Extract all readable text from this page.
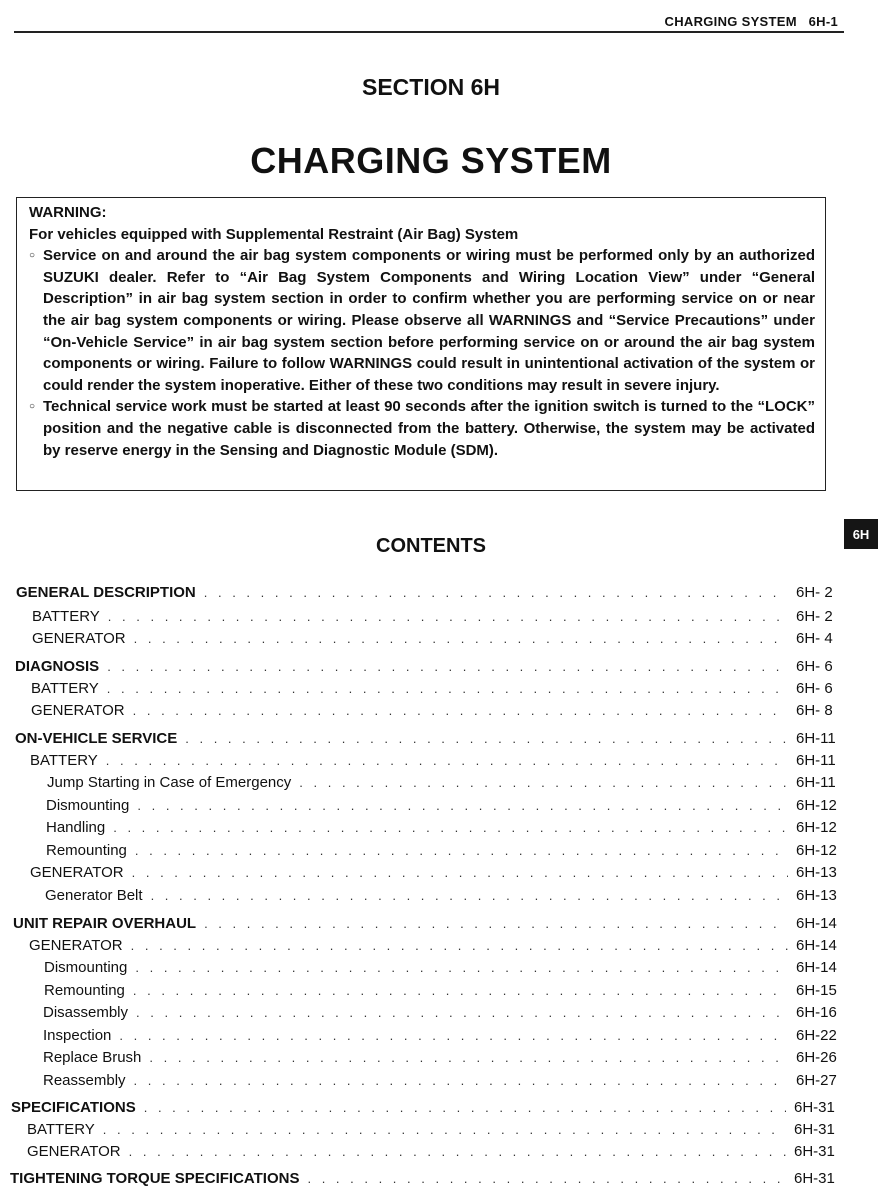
CHARGING SYSTEM 6H-1
SECTION 6H
CHARGING SYSTEM

WARNING:

For vehicles equipped with Supplemental Restraint (Air Bag) System

○ Service on and around the air bag system components or wiring must be performed only by an authorized SUZUKI dealer. Refer to “Air Bag System Components and Wiring Location View” under “General Description” in air bag system section in order to confirm whether you are performing service on or near the air bag system components or wiring. Please observe all WARNINGS and “Service Precautions” under “On-Vehicle Service” in air bag system section before performing service on or around the air bag system components or wiring. Failure to follow WARNINGS could result in unintentional activation of the system or could render the system inoperative. Either of these two conditions may result in severe injury.

○ Technical service work must be started at least 90 seconds after the ignition switch is turned to the “LOCK” position and the negative cable is disconnected from the battery. Otherwise, the system may be activated by reserve energy in the Sensing and Diagnostic Module (SDM).

6H
CONTENTS
GENERAL DESCRIPTION . . .	6H- 2
BATTERY . . .	6H- 2
GENERATOR . . .	6H- 4
DIAGNOSIS . . .	6H- 6
BATTERY . . .	6H- 6
GENERATOR . . .	6H- 8
ON-VEHICLE SERVICE . . .	6H-11
BATTERY . . .	6H-11
Jump Starting in Case of Emergency . . .	6H-11
Dismounting . . .	6H-12
Handling . . .	6H-12
Remounting . . .	6H-12
GENERATOR . . .	6H-13
Generator Belt . . .	6H-13
UNIT REPAIR OVERHAUL . . .	6H-14
GENERATOR . . .	6H-14
Dismounting . . .	6H-14
Remounting . . .	6H-15
Disassembly . . .	6H-16
Inspection . . .	6H-22
Replace Brush . . .	6H-26
Reassembly . . .	6H-27
SPECIFICATIONS . . .	6H-31
BATTERY . . .	6H-31
GENERATOR . . .	6H-31
TIGHTENING TORQUE SPECIFICATIONS . . .	6H-31
